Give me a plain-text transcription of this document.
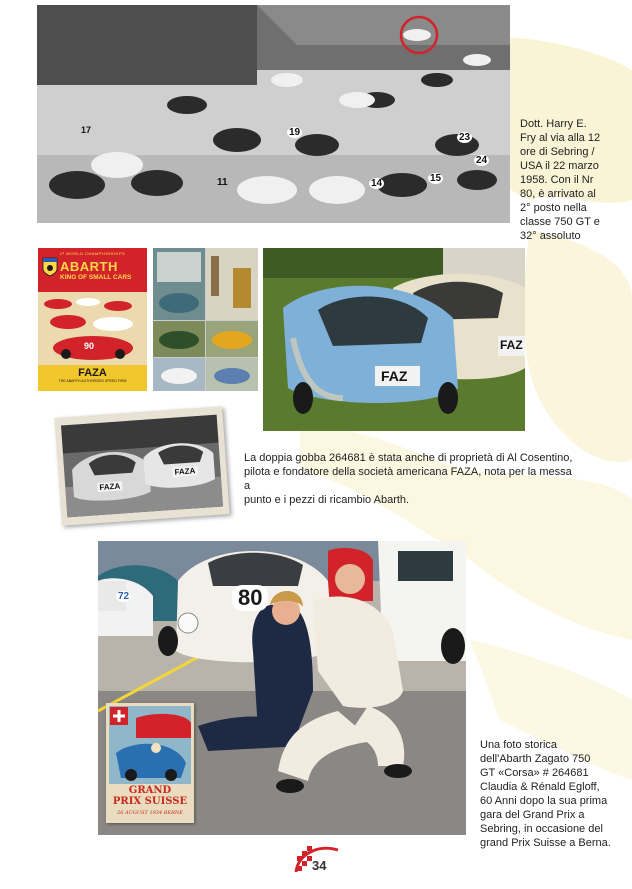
19	23
24
11	14	15
17	Dott. Harry E.
Fry al via alla 12
ore di Sebring /
USA il 22 marzo
1958. Con il Nr
80, è arrivato al
2° posto nella
classe 750 GT e
32° assoluto

1ª WORLD CHAMPIONSHIPS
ABARTH
KING OF SMALL CARS
90
FAZA
THE ABARTH AUTHORIZED SPEED FIRM	FAZ
FAZ
FAZA
FAZA

La doppia gobba 264681 è stata anche di proprietà di Al Cosentino,
pilota e fondatore della società americana FAZA, nota per la messa a
punto e i pezzi di ricambio Abarth.

80
72
GRAND
PRIX SUISSE
26 AUGUST 1934 BERNE

Una foto storica
dell'Abarth Zagato 750
GT «Corsa» # 264681
Claudia & Rénald Egloff,
60 Anni dopo la sua prima
gara del Grand Prix a
Sebring, in occasione del
grand Prix Suisse a Berna.

34
